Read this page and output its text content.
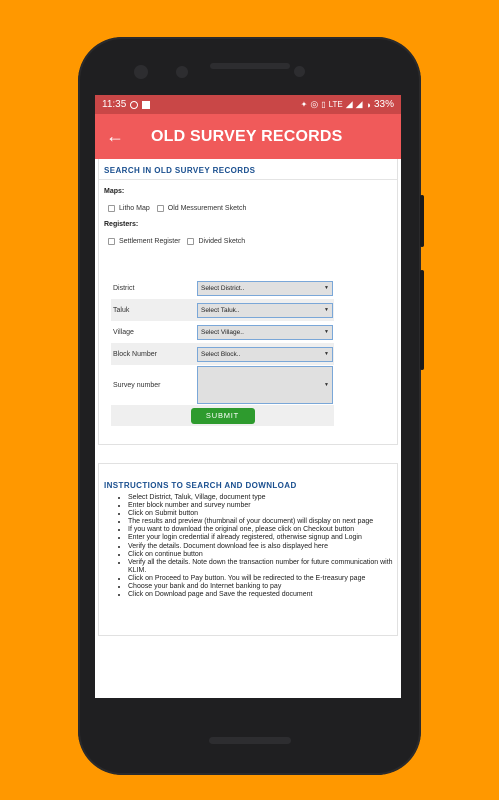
11:35	✦ ◎ ▯ LTE ◢ ◢ ◑ 33%
←	OLD SURVEY RECORDS
SEARCH IN OLD SURVEY RECORDS
Maps:
Litho Map	Old Messurement Sketch
Registers:
Settlement Register	Divided Sketch
District	Select District..	▼
Taluk	Select Taluk..	▼
Village	Select Village..	▼
Block Number	Select Block..	▼
Survey number	▼
SUBMIT
INSTRUCTIONS TO SEARCH AND DOWNLOAD
• Select District, Taluk, Village, document type
• Enter block number and survey number
• Click on Submit button
• The results and preview (thumbnail of your document) will display on next page
• If you want to download the original one, please click on Checkout button
• Enter your login credential if already registered, otherwise signup and Login
• Verify the details. Document download fee is also displayed here
• Click on continue button
• Verify all the details. Note down the transaction number for future communication with KLIM.
• Click on Proceed to Pay button. You will be redirected to the E-treasury page
• Choose your bank and do Internet banking to pay
• Click on Download page and Save the requested document
